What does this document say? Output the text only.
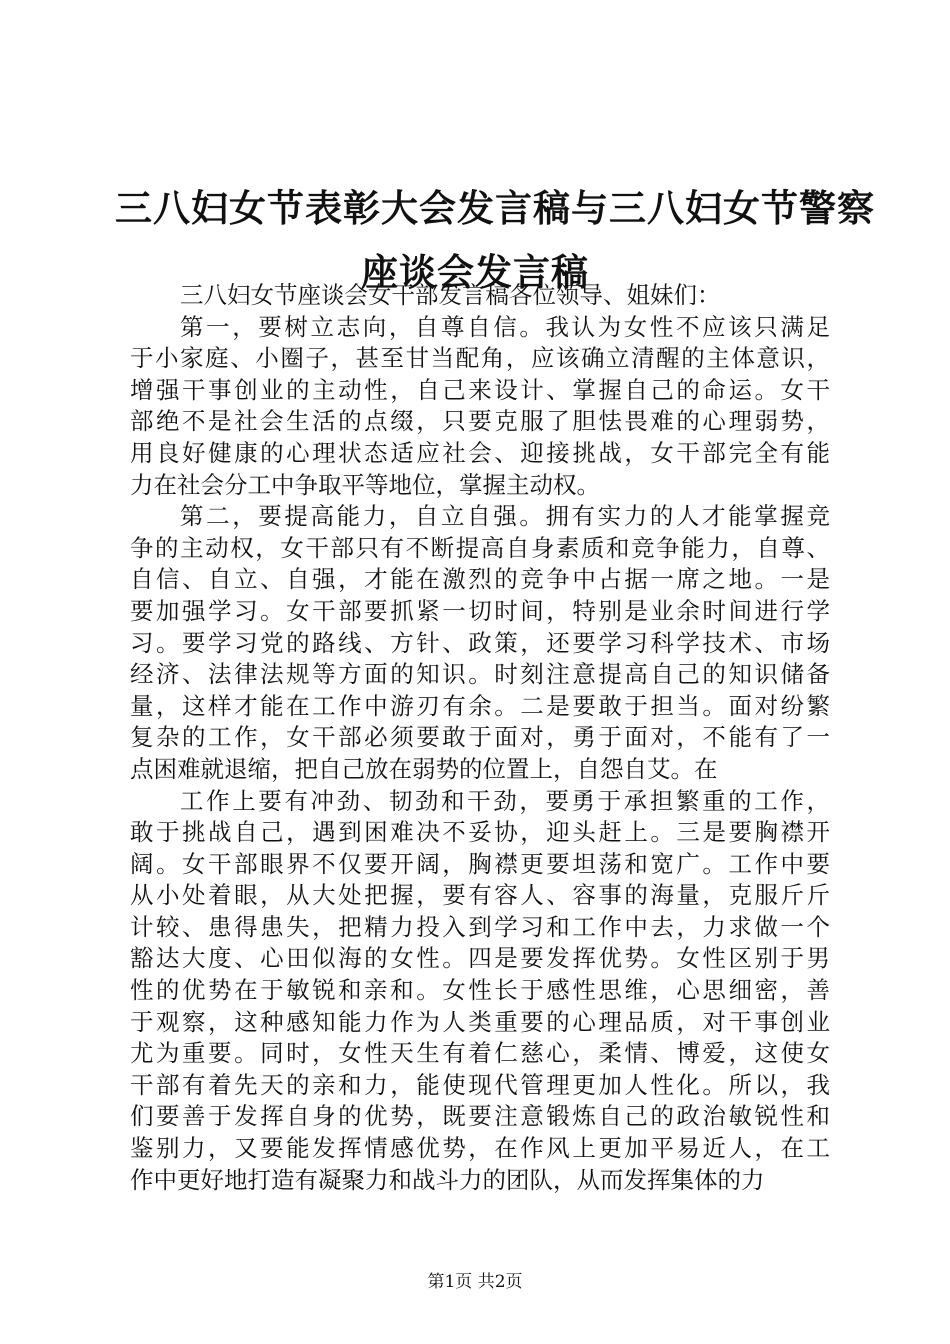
三八妇女节表彰大会发言稿与三八妇女节警察
座谈会发言稿
三八妇女节座谈会女干部发言稿各位领导、姐妹们：
第一，要树立志向，自尊自信。我认为女性不应该只满足
于小家庭、小圈子，甚至甘当配角，应该确立清醒的主体意识，
增强干事创业的主动性，自己来设计、掌握自己的命运。女干
部绝不是社会生活的点缀，只要克服了胆怯畏难的心理弱势，
用良好健康的心理状态适应社会、迎接挑战，女干部完全有能
力在社会分工中争取平等地位，掌握主动权。
第二，要提高能力，自立自强。拥有实力的人才能掌握竞
争的主动权，女干部只有不断提高自身素质和竞争能力，自尊、
自信、自立、自强，才能在激烈的竞争中占据一席之地。一是
要加强学习。女干部要抓紧一切时间，特别是业余时间进行学
习。要学习党的路线、方针、政策，还要学习科学技术、市场
经济、法律法规等方面的知识。时刻注意提高自己的知识储备
量，这样才能在工作中游刃有余。二是要敢于担当。面对纷繁
复杂的工作，女干部必须要敢于面对，勇于面对，不能有了一
点困难就退缩，把自己放在弱势的位置上，自怨自艾。在
工作上要有冲劲、韧劲和干劲，要勇于承担繁重的工作，
敢于挑战自己，遇到困难决不妥协，迎头赶上。三是要胸襟开
阔。女干部眼界不仅要开阔，胸襟更要坦荡和宽广。工作中要
从小处着眼，从大处把握，要有容人、容事的海量，克服斤斤
计较、患得患失，把精力投入到学习和工作中去，力求做一个
豁达大度、心田似海的女性。四是要发挥优势。女性区别于男
性的优势在于敏锐和亲和。女性长于感性思维，心思细密，善
于观察，这种感知能力作为人类重要的心理品质，对干事创业
尤为重要。同时，女性天生有着仁慈心，柔情、博爱，这使女
干部有着先天的亲和力，能使现代管理更加人性化。所以，我
们要善于发挥自身的优势，既要注意锻炼自己的政治敏锐性和
鉴别力，又要能发挥情感优势，在作风上更加平易近人，在工
作中更好地打造有凝聚力和战斗力的团队，从而发挥集体的力
第1页 共2页
